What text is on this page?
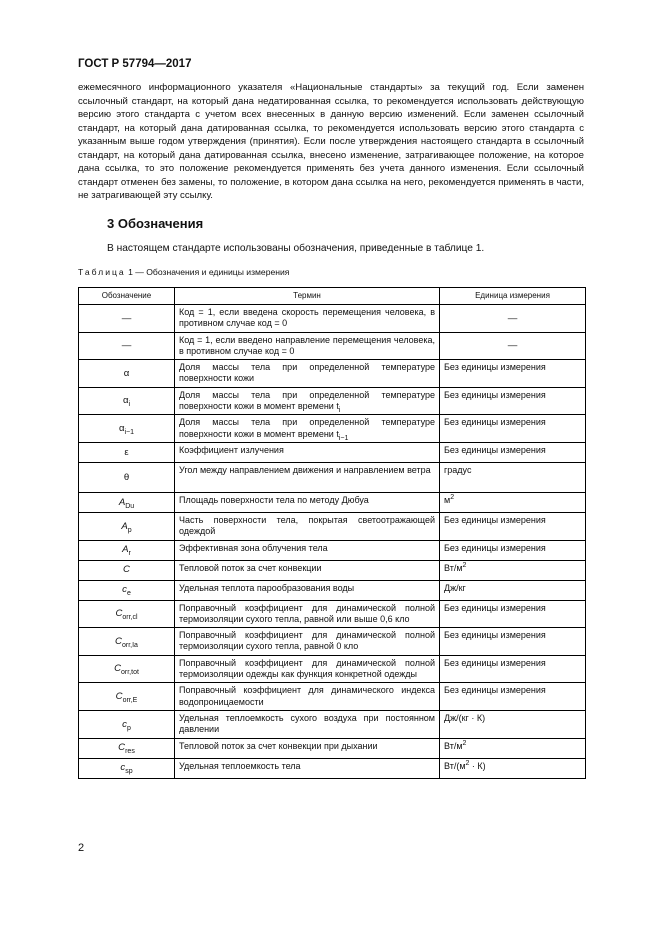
ГОСТ Р 57794—2017
ежемесячного информационного указателя «Национальные стандарты» за текущий год. Если заменен ссылочный стандарт, на который дана недатированная ссылка, то рекомендуется использовать действующую версию этого стандарта с учетом всех внесенных в данную версию изменений. Если заменен ссылочный стандарт, на который дана датированная ссылка, то рекомендуется использовать версию этого стандарта с указанным выше годом утверждения (принятия). Если после утверждения настоящего стандарта в ссылочный стандарт, на который дана датированная ссылка, внесено изменение, затрагивающее положение, на которое дана ссылка, то это положение рекомендуется применять без учета данного изменения. Если ссылочный стандарт отменен без замены, то положение, в котором дана ссылка на него, рекомендуется применять в части, не затрагивающей эту ссылку.
3 Обозначения
В настоящем стандарте использованы обозначения, приведенные в таблице 1.
Таблица 1 — Обозначения и единицы измерения
Обозначение	Термин	Единица измерения
—	Код = 1, если введена скорость перемещения человека, в противном случае код = 0	—
—	Код = 1, если введено направление перемещения человека, в противном случае код = 0	—
α	Доля массы тела при определенной температуре поверхности кожи	Без единицы измерения
$\alpha_i$	Доля массы тела при определенной температуре поверхности кожи в момент времени $t_i$	Без единицы измерения
$\alpha_{i-1}$	Доля массы тела при определенной температуре поверхности кожи в момент времени $t_{i-1}$	Без единицы измерения
ε	Коэффициент излучения	Без единицы измерения
θ	Угол между направлением движения и направлением ветра	градус
$A_{Du}$	Площадь поверхности тела по методу Дюбуа	$м^2$
$A_p$	Часть поверхности тела, покрытая светоотражающей одеждой	Без единицы измерения
$A_r$	Эффективная зона облучения тела	Без единицы измерения
C	Тепловой поток за счет конвекции	$Вт/м^2$
$c_e$	Удельная теплота парообразования воды	Дж/кг
$C_{orr,cl}$	Поправочный коэффициент для динамической полной термоизоляции сухого тепла, равной или выше 0,6 кло	Без единицы измерения
$C_{orr,Ia}$	Поправочный коэффициент для динамической полной термоизоляции сухого тепла, равной 0 кло	Без единицы измерения
$C_{orr,tot}$	Поправочный коэффициент для динамической полной термоизоляции одежды как функция конкретной одежды	Без единицы измерения
$C_{orr,E}$	Поправочный коэффициент для динамического индекса водопроницаемости	Без единицы измерения
$c_p$	Удельная теплоемкость сухого воздуха при постоянном давлении	Дж/(кг · К)
$C_{res}$	Тепловой поток за счет конвекции при дыхании	$Вт/м^2$
$c_{sp}$	Удельная теплоемкость тела	$Вт/(м^2 \cdot К)$
2
